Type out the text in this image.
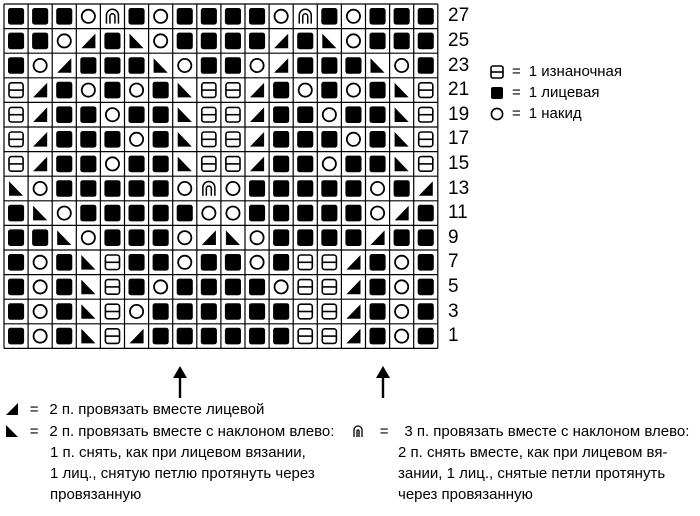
27
25
23
21
19
17
15
13
11
9
7
5
3
1
= 1 изнаночная
= 1 лицевая
= 1 накид
= 2 п. провязать вместе лицевой
= 2 п. провязать вместе с наклоном влево:
1 п. снять, как при лицевом вязании,
1 лиц., снятую петлю протянуть через
провязанную
= 3 п. провязать вместе с наклоном влево:
2 п. снять вместе, как при лицевом вя-
зании, 1 лиц., снятые петли протянуть
через провязанную
